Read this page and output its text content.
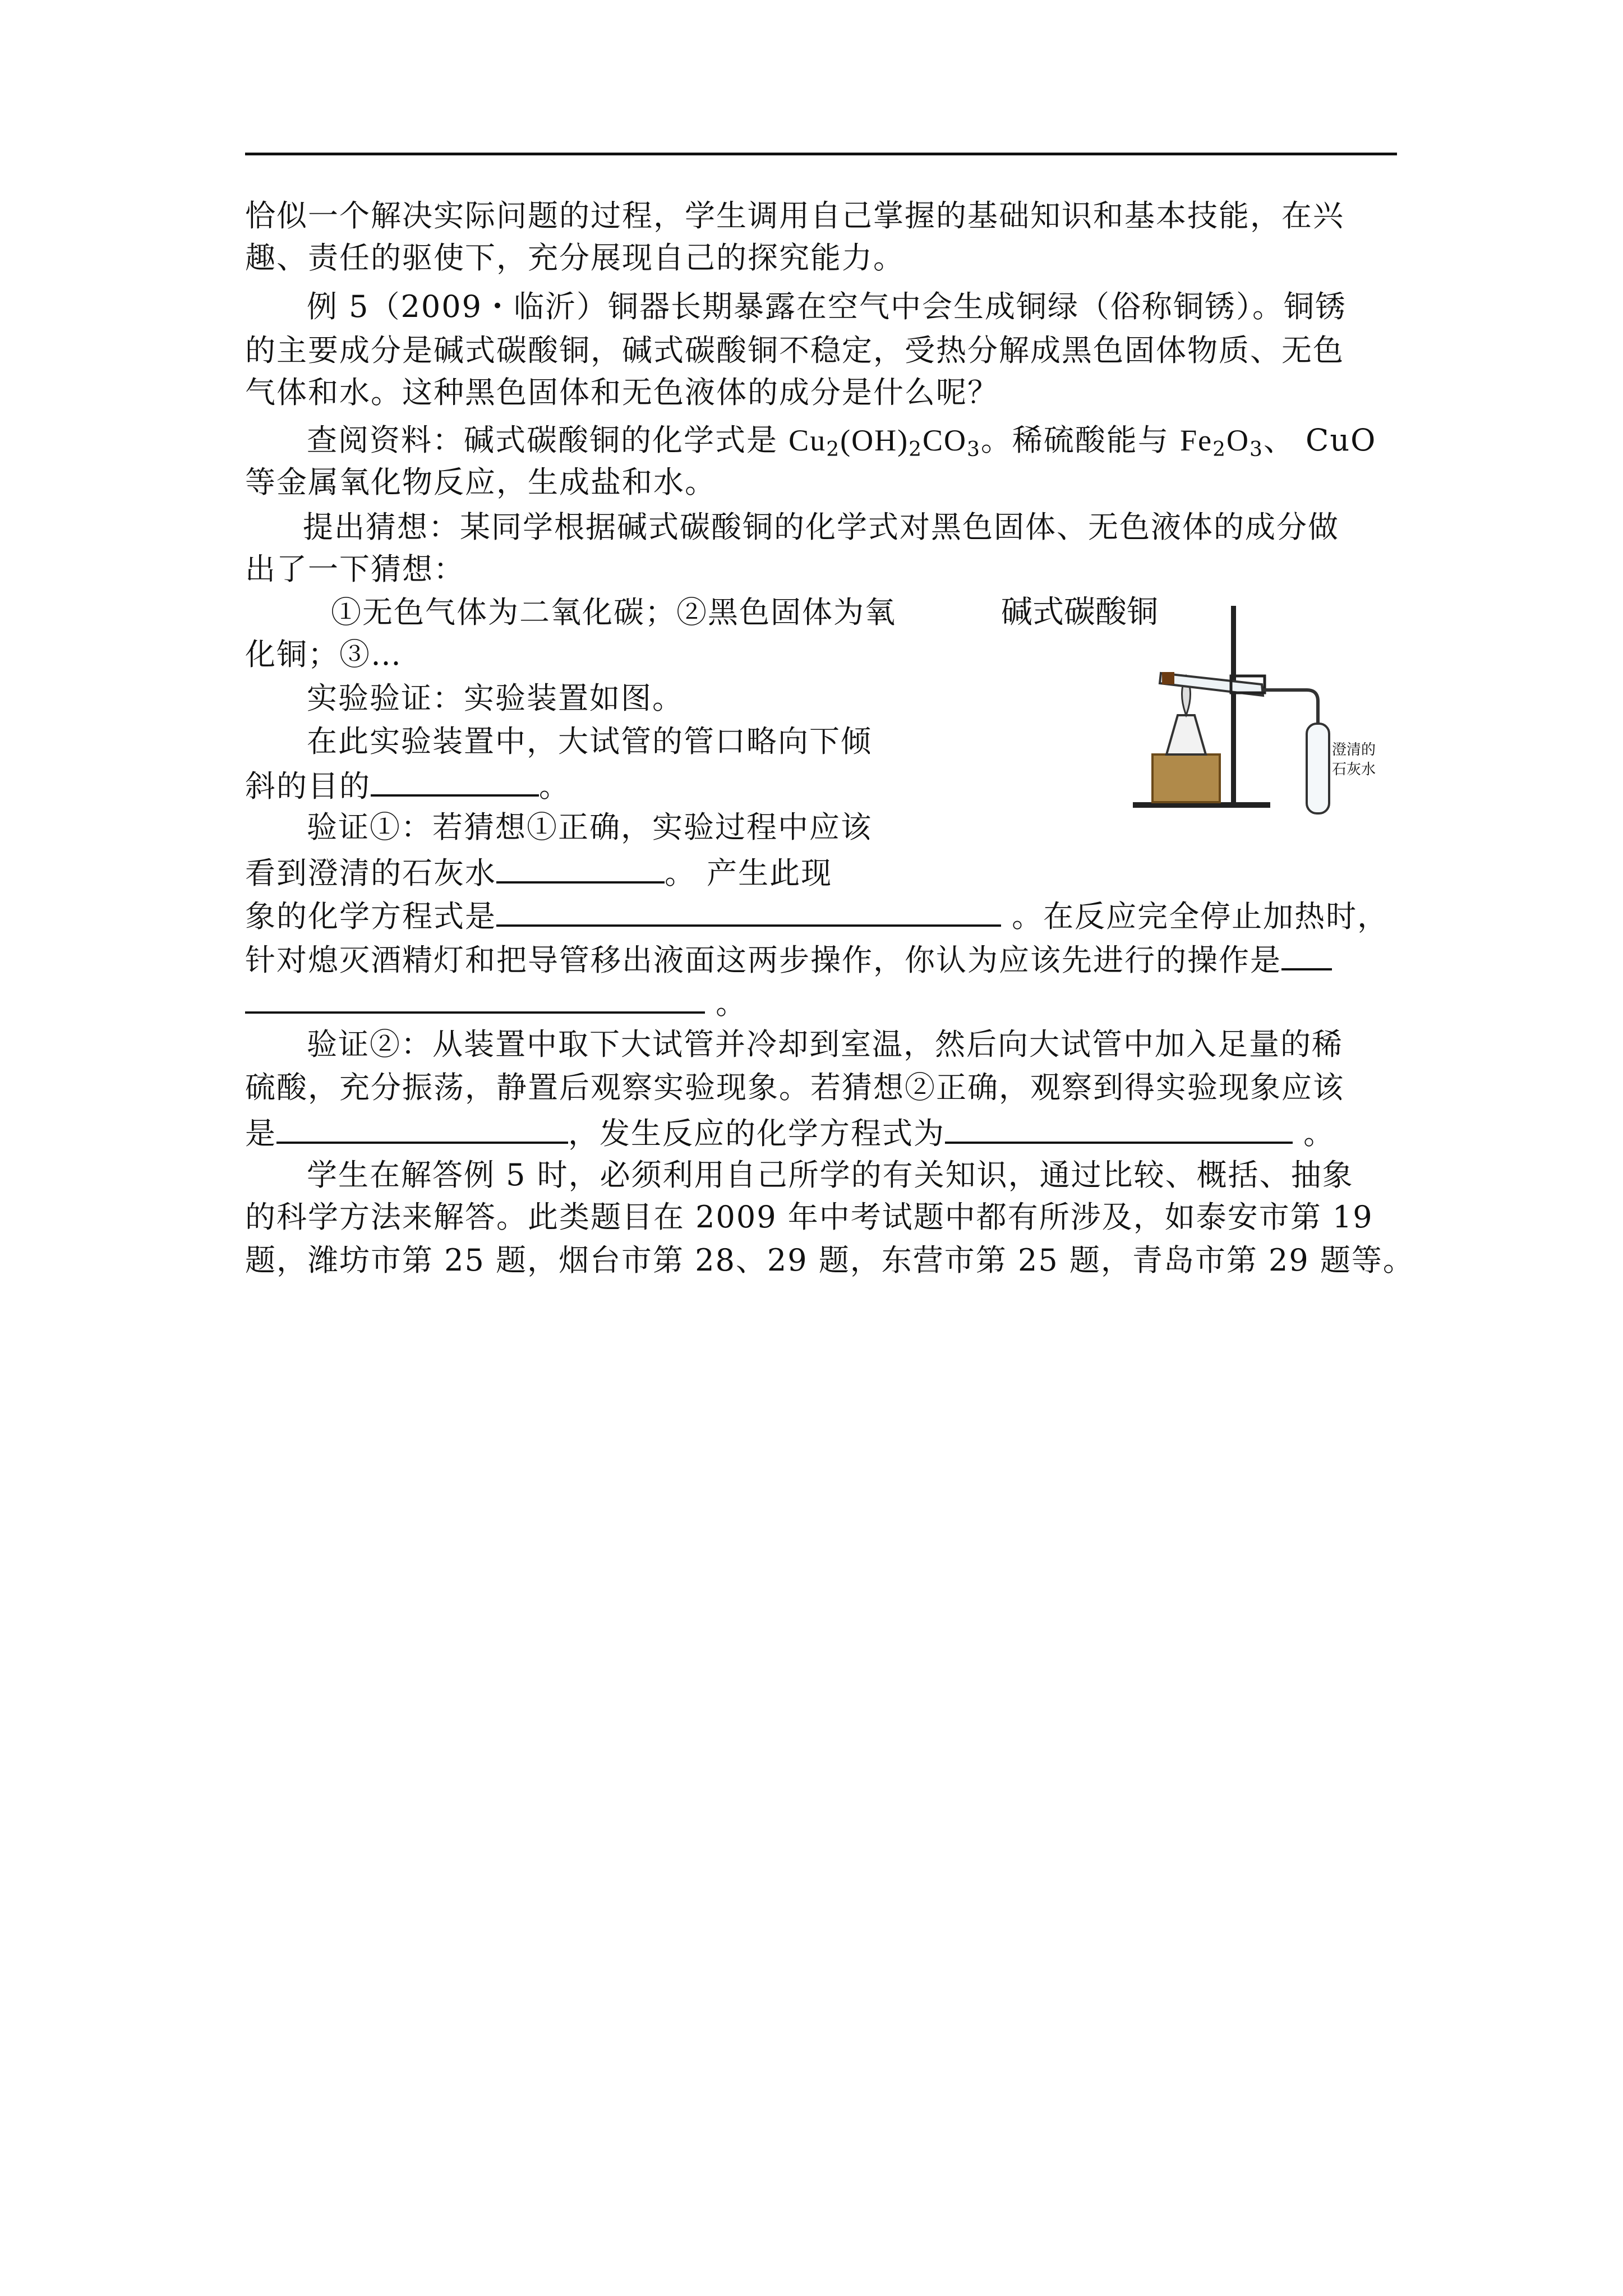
恰似一个解决实际问题的过程，学生调用自己掌握的基础知识和基本技能，在兴
趣、责任的驱使下，充分展现自己的探究能力。
例 5（2009・临沂）铜器长期暴露在空气中会生成铜绿（俗称铜锈）。铜锈
的主要成分是碱式碳酸铜，碱式碳酸铜不稳定，受热分解成黑色固体物质、无色
气体和水。这种黑色固体和无色液体的成分是什么呢？
查阅资料：碱式碳酸铜的化学式是 $Cu_2(OH)_2CO_3$。稀硫酸能与 $Fe_2O_3$、 CuO
等金属氧化物反应，生成盐和水。
提出猜想：某同学根据碱式碳酸铜的化学式对黑色固体、无色液体的成分做
出了一下猜想：
①无色气体为二氧化碳；②黑色固体为氧
化铜；③…
实验验证：实验装置如图。
在此实验装置中，大试管的管口略向下倾
斜的目的	。
验证①：若猜想①正确，实验过程中应该
看到澄清的石灰水	。 产生此现
象的化学方程式是	。在反应完全停止加热时，
针对熄灭酒精灯和把导管移出液面这两步操作，你认为应该先进行的操作是
。
验证②：从装置中取下大试管并冷却到室温，然后向大试管中加入足量的稀
硫酸，充分振荡，静置后观察实验现象。若猜想②正确，观察到得实验现象应该
是	，发生反应的化学方程式为	。
学生在解答例 5 时，必须利用自己所学的有关知识，通过比较、概括、抽象
的科学方法来解答。此类题目在 2009 年中考试题中都有所涉及，如泰安市第 19
题，潍坊市第 25 题，烟台市第 28、29 题，东营市第 25 题，青岛市第 29 题等。
碱式碳酸铜
澄清的
石灰水
